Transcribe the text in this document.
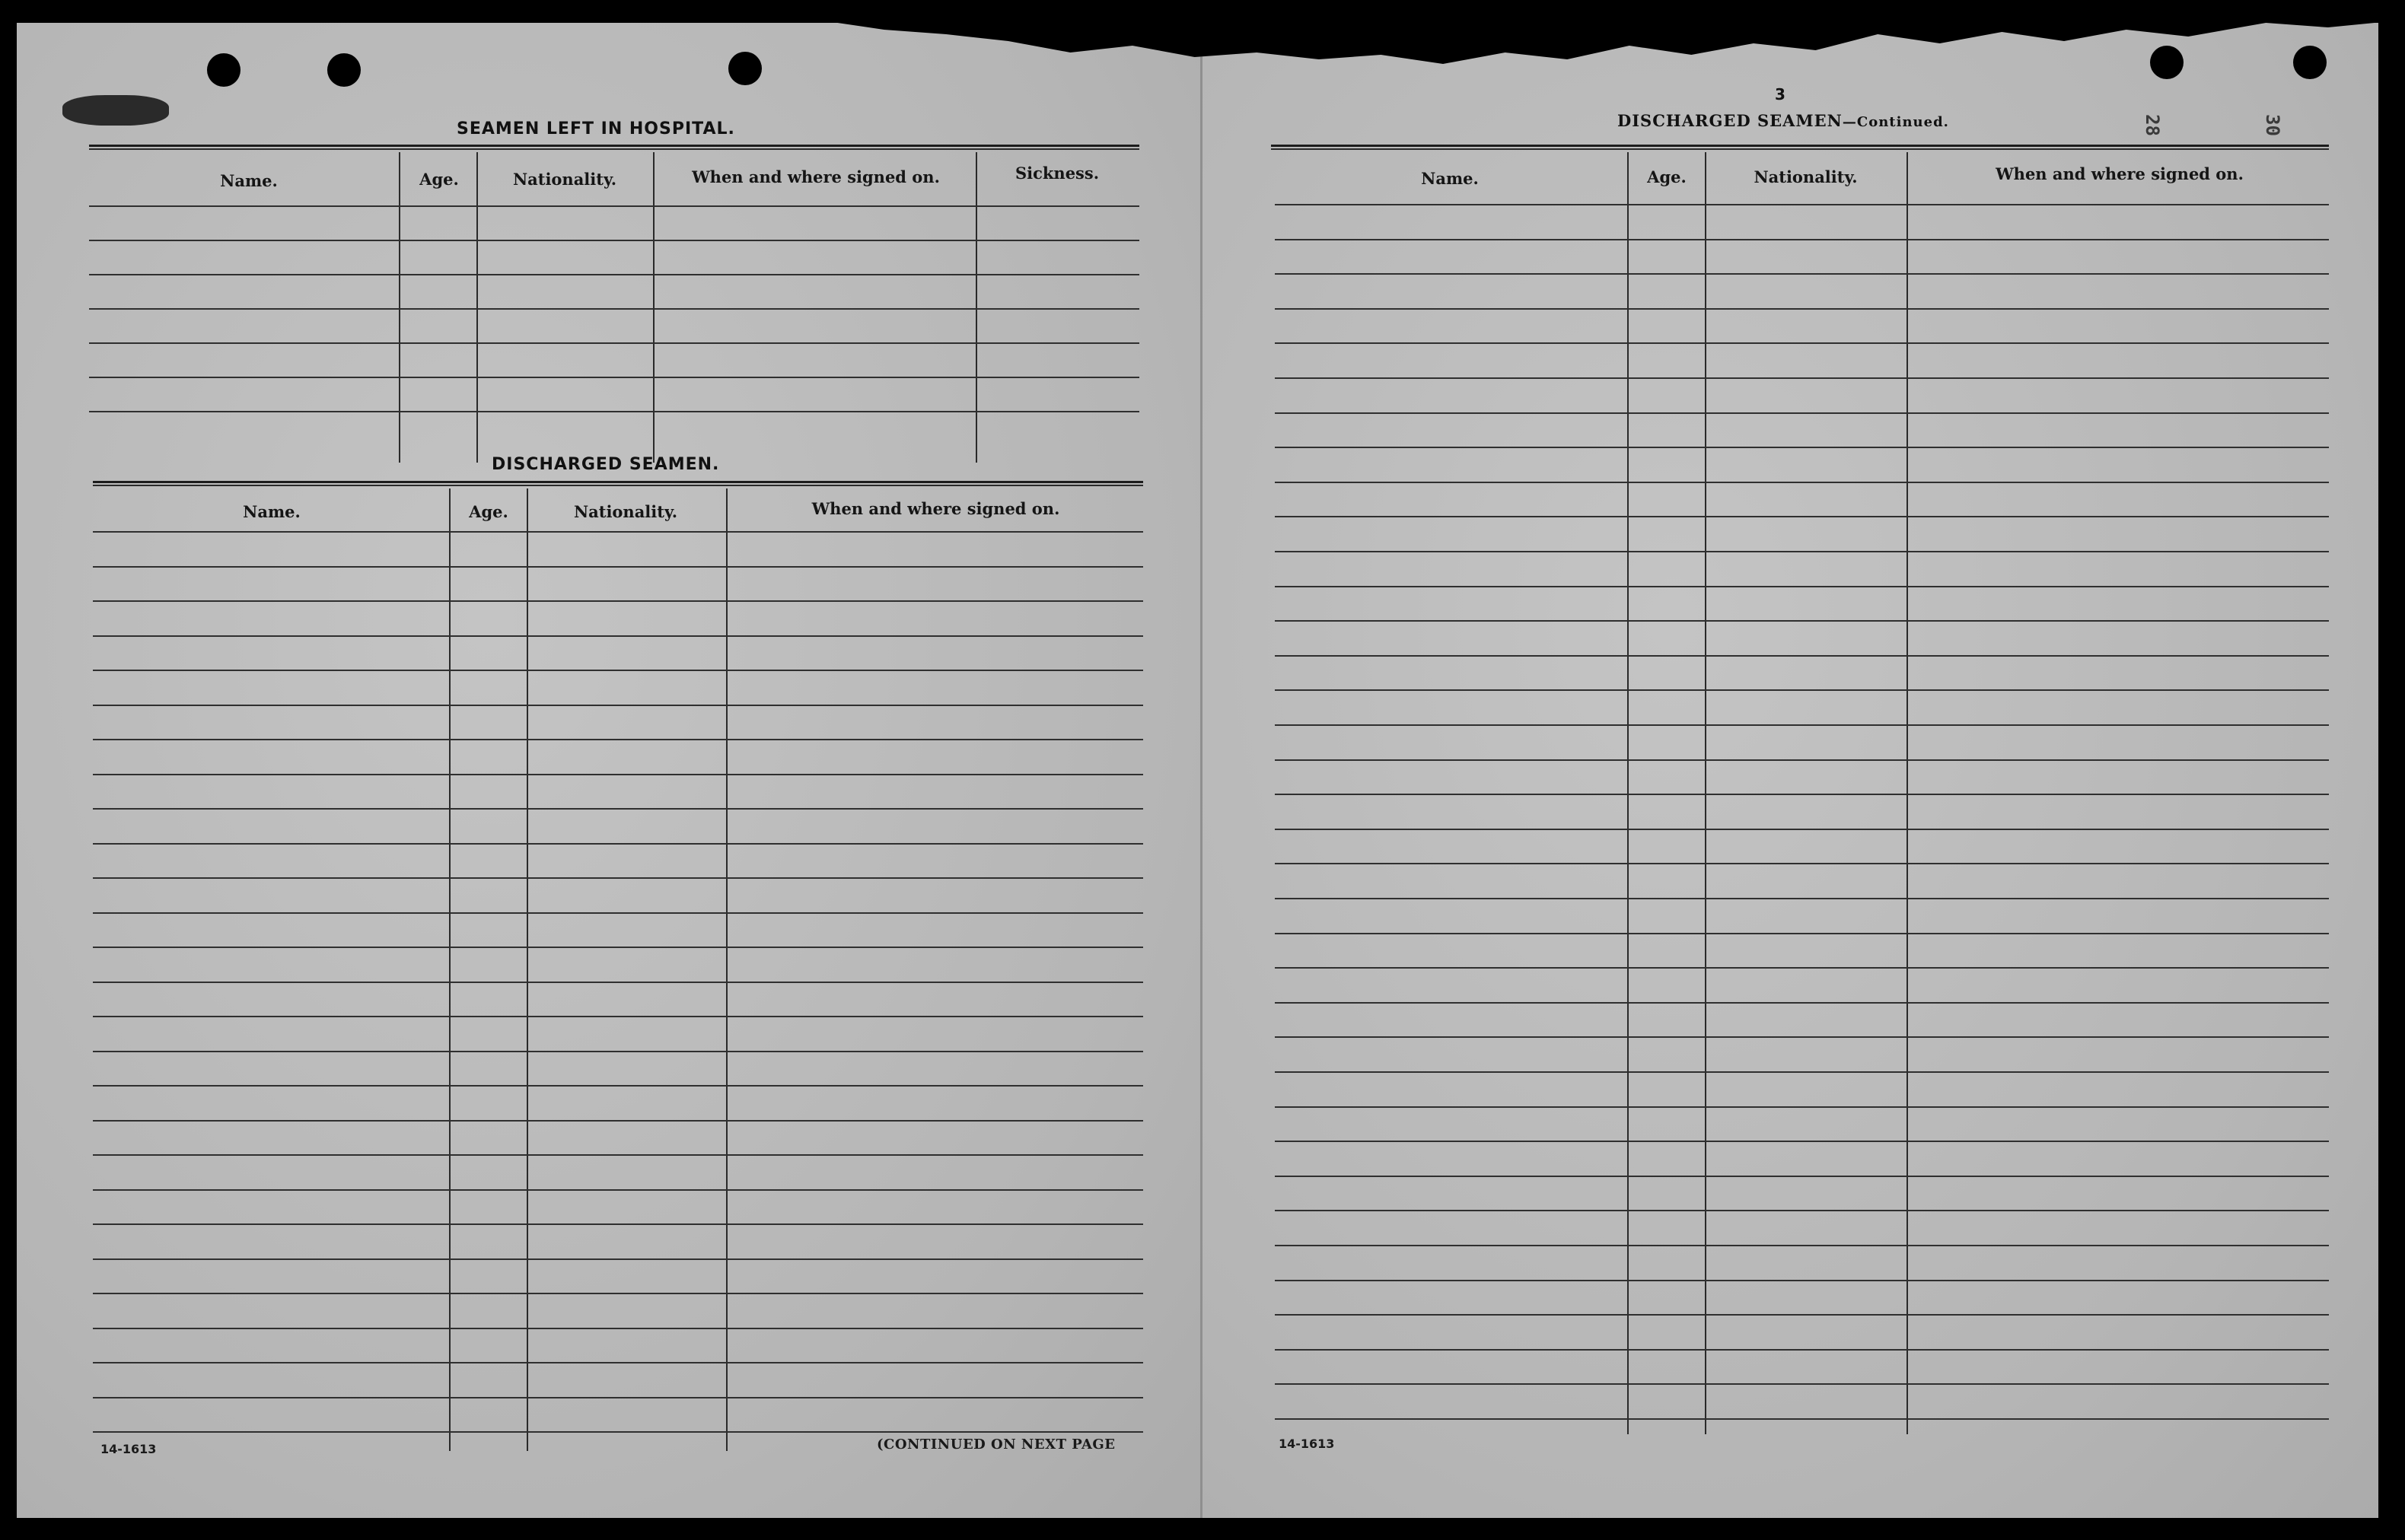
SEAMEN LEFT IN HOSPITAL.
Name.	Age.	Nationality.	When and where signed on.	Sickness.
DISCHARGED SEAMEN.
Name.	Age.	Nationality.	When and where signed on.
14-1613	(CONTINUED ON NEXT PAGE
DISCHARGED SEAMEN—Continued.
3
Name.	Age.	Nationality.	When and where signed on.
14-1613
28	30
